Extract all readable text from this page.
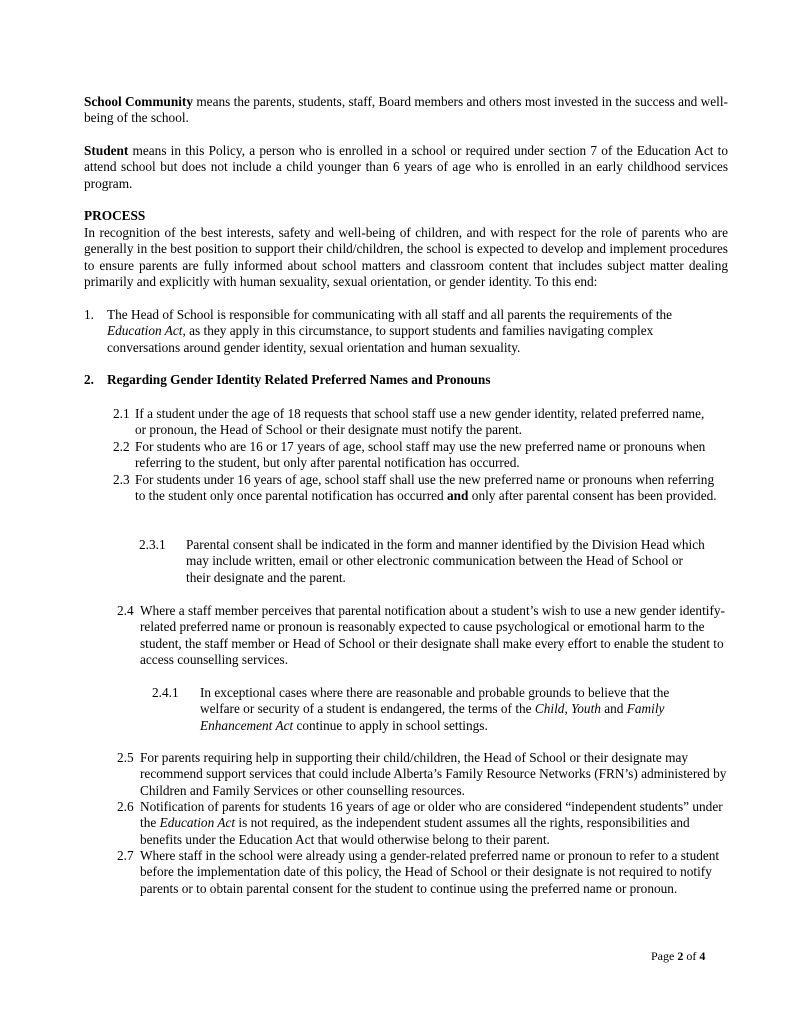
School Community means the parents, students, staff, Board members and others most invested in the success and well-being of the school.

Student means in this Policy, a person who is enrolled in a school or required under section 7 of the Education Act to attend school but does not include a child younger than 6 years of age who is enrolled in an early childhood services program.

PROCESS

In recognition of the best interests, safety and well-being of children, and with respect for the role of parents who are generally in the best position to support their child/children, the school is expected to develop and implement procedures to ensure parents are fully informed about school matters and classroom content that includes subject matter dealing primarily and explicitly with human sexuality, sexual orientation, or gender identity. To this end:

1. The Head of School is responsible for communicating with all staff and all parents the requirements of the Education Act, as they apply in this circumstance, to support students and families navigating complex conversations around gender identity, sexual orientation and human sexuality.

2. Regarding Gender Identity Related Preferred Names and Pronouns
2.1 If a student under the age of 18 requests that school staff use a new gender identity, related preferred name, or pronoun, the Head of School or their designate must notify the parent.

2.2 For students who are 16 or 17 years of age, school staff may use the new preferred name or pronouns when referring to the student, but only after parental notification has occurred.

2.3 For students under 16 years of age, school staff shall use the new preferred name or pronouns when referring to the student only once parental notification has occurred and only after parental consent has been provided.

2.3.1 Parental consent shall be indicated in the form and manner identified by the Division Head which may include written, email or other electronic communication between the Head of School or their designate and the parent.

2.4 Where a staff member perceives that parental notification about a student’s wish to use a new gender identify-related preferred name or pronoun is reasonably expected to cause psychological or emotional harm to the student, the staff member or Head of School or their designate shall make every effort to enable the student to access counselling services.

2.4.1 In exceptional cases where there are reasonable and probable grounds to believe that the welfare or security of a student is endangered, the terms of the Child, Youth and Family Enhancement Act continue to apply in school settings.

2.5 For parents requiring help in supporting their child/children, the Head of School or their designate may recommend support services that could include Alberta’s Family Resource Networks (FRN’s) administered by Children and Family Services or other counselling resources.

2.6 Notification of parents for students 16 years of age or older who are considered “independent students” under the Education Act is not required, as the independent student assumes all the rights, responsibilities and benefits under the Education Act that would otherwise belong to their parent.

2.7 Where staff in the school were already using a gender-related preferred name or pronoun to refer to a student before the implementation date of this policy, the Head of School or their designate is not required to notify parents or to obtain parental consent for the student to continue using the preferred name or pronoun.

Page 2 of 4
